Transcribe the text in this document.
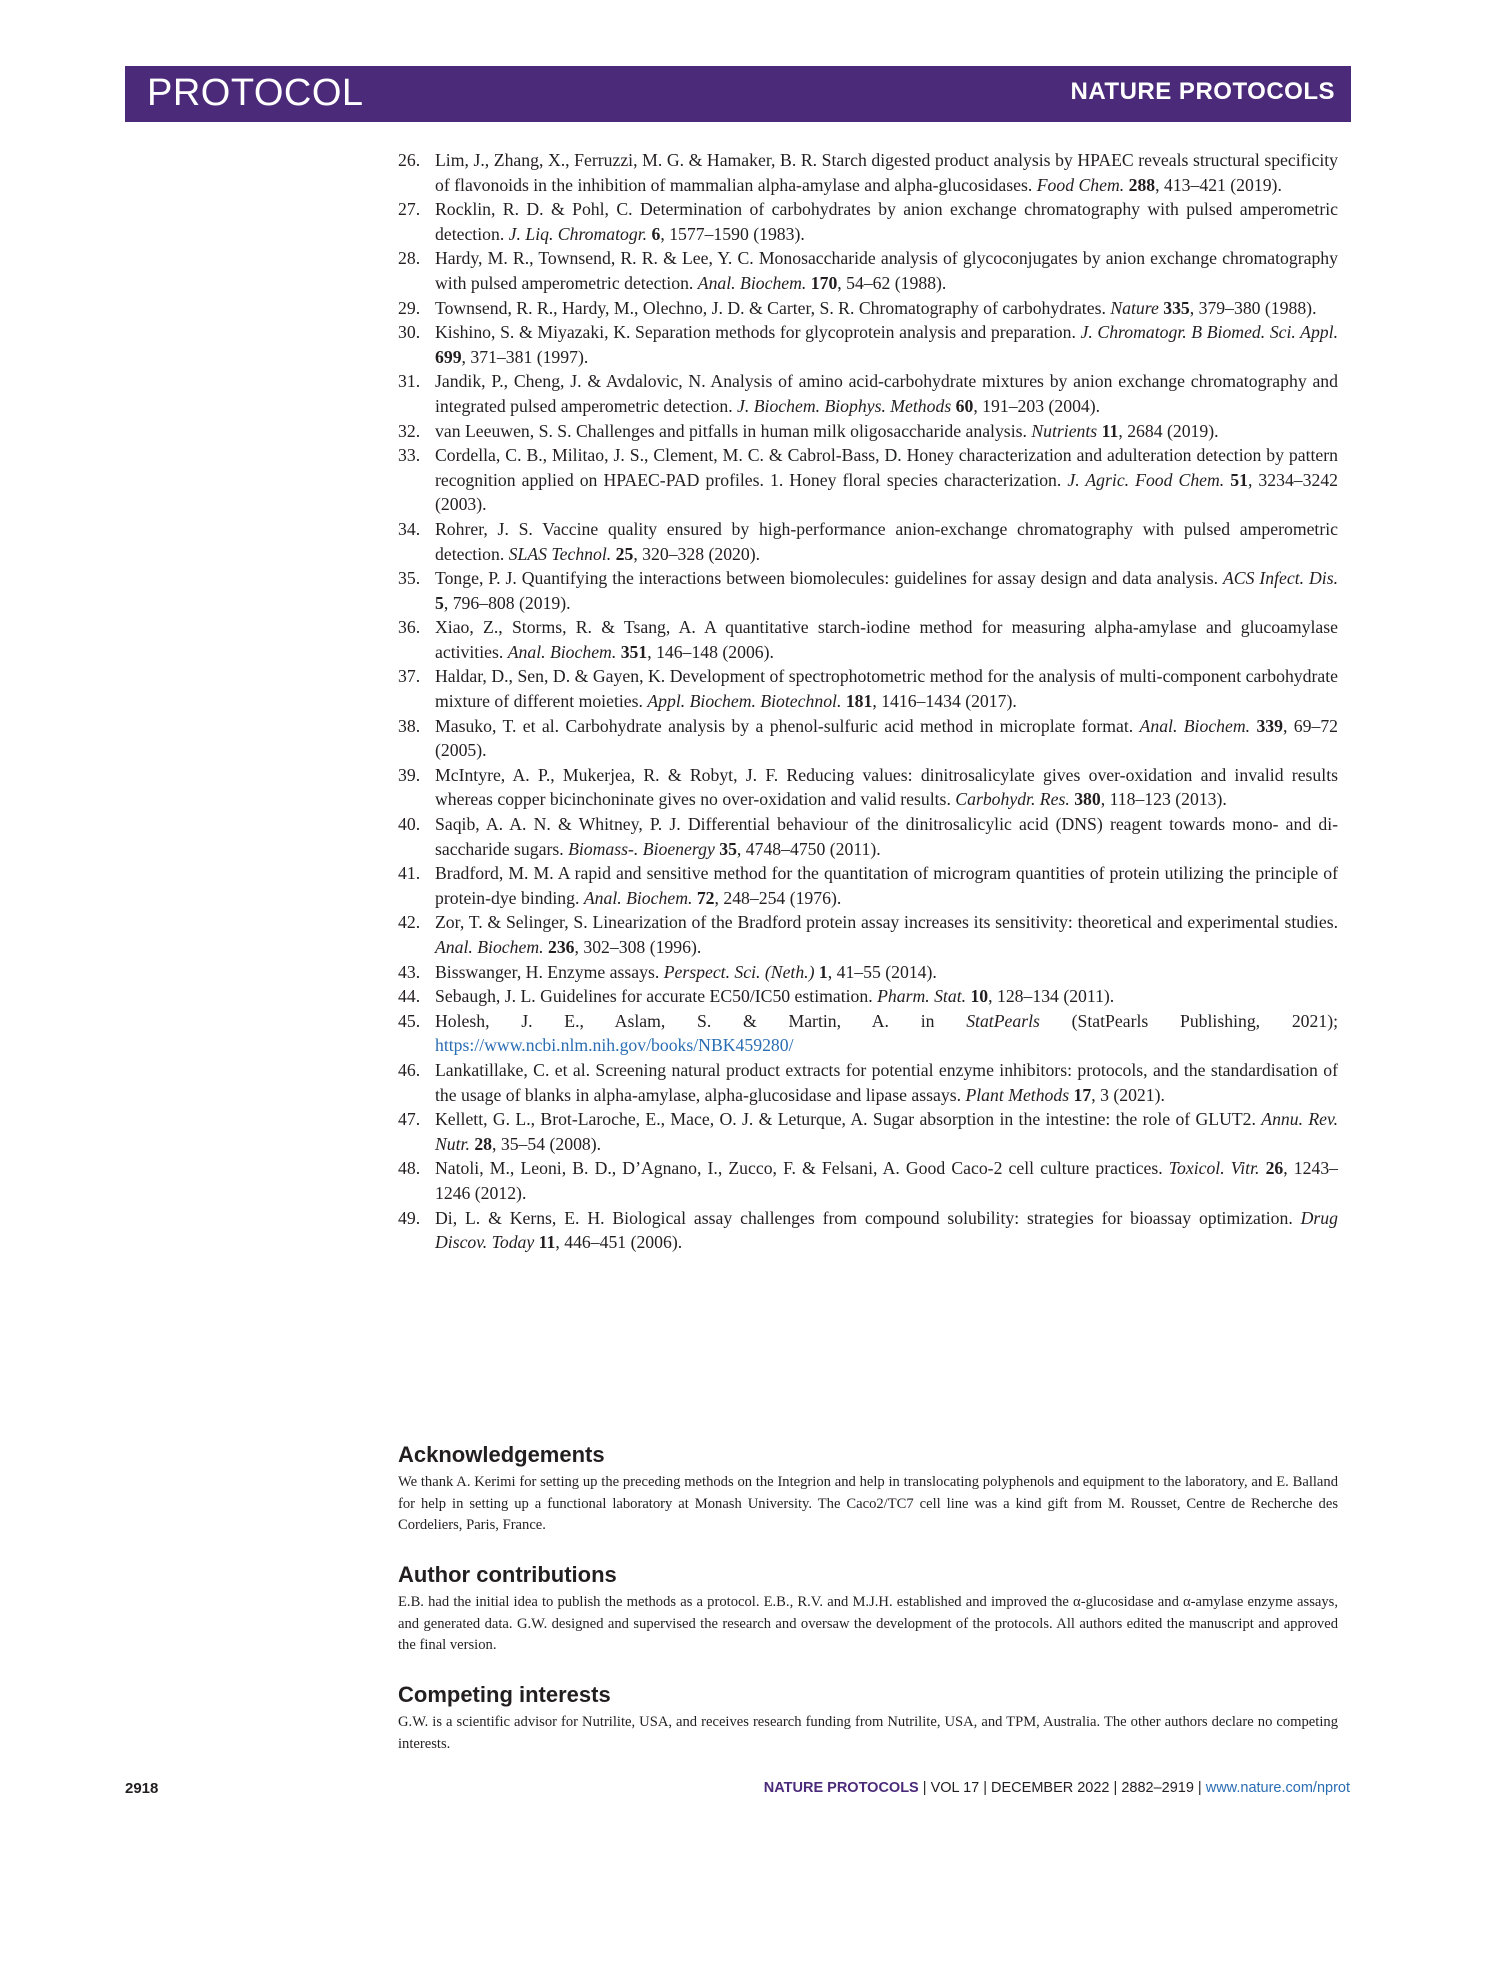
PROTOCOL	NATURE PROTOCOLS
26. Lim, J., Zhang, X., Ferruzzi, M. G. & Hamaker, B. R. Starch digested product analysis by HPAEC reveals structural specificity of flavonoids in the inhibition of mammalian alpha-amylase and alpha-glucosidases. Food Chem. 288, 413–421 (2019).
27. Rocklin, R. D. & Pohl, C. Determination of carbohydrates by anion exchange chromatography with pulsed amperometric detection. J. Liq. Chromatogr. 6, 1577–1590 (1983).
28. Hardy, M. R., Townsend, R. R. & Lee, Y. C. Monosaccharide analysis of glycoconjugates by anion exchange chromatography with pulsed amperometric detection. Anal. Biochem. 170, 54–62 (1988).
29. Townsend, R. R., Hardy, M., Olechno, J. D. & Carter, S. R. Chromatography of carbohydrates. Nature 335, 379–380 (1988).
30. Kishino, S. & Miyazaki, K. Separation methods for glycoprotein analysis and preparation. J. Chromatogr. B Biomed. Sci. Appl. 699, 371–381 (1997).
31. Jandik, P., Cheng, J. & Avdalovic, N. Analysis of amino acid-carbohydrate mixtures by anion exchange chromatography and integrated pulsed amperometric detection. J. Biochem. Biophys. Methods 60, 191–203 (2004).
32. van Leeuwen, S. S. Challenges and pitfalls in human milk oligosaccharide analysis. Nutrients 11, 2684 (2019).
33. Cordella, C. B., Militao, J. S., Clement, M. C. & Cabrol-Bass, D. Honey characterization and adulteration detection by pattern recognition applied on HPAEC-PAD profiles. 1. Honey floral species characterization. J. Agric. Food Chem. 51, 3234–3242 (2003).
34. Rohrer, J. S. Vaccine quality ensured by high-performance anion-exchange chromatography with pulsed amperometric detection. SLAS Technol. 25, 320–328 (2020).
35. Tonge, P. J. Quantifying the interactions between biomolecules: guidelines for assay design and data analysis. ACS Infect. Dis. 5, 796–808 (2019).
36. Xiao, Z., Storms, R. & Tsang, A. A quantitative starch-iodine method for measuring alpha-amylase and glucoamylase activities. Anal. Biochem. 351, 146–148 (2006).
37. Haldar, D., Sen, D. & Gayen, K. Development of spectrophotometric method for the analysis of multi-component carbohydrate mixture of different moieties. Appl. Biochem. Biotechnol. 181, 1416–1434 (2017).
38. Masuko, T. et al. Carbohydrate analysis by a phenol-sulfuric acid method in microplate format. Anal. Biochem. 339, 69–72 (2005).
39. McIntyre, A. P., Mukerjea, R. & Robyt, J. F. Reducing values: dinitrosalicylate gives over-oxidation and invalid results whereas copper bicinchoninate gives no over-oxidation and valid results. Carbohydr. Res. 380, 118–123 (2013).
40. Saqib, A. A. N. & Whitney, P. J. Differential behaviour of the dinitrosalicylic acid (DNS) reagent towards mono- and di-saccharide sugars. Biomass-. Bioenergy 35, 4748–4750 (2011).
41. Bradford, M. M. A rapid and sensitive method for the quantitation of microgram quantities of protein utilizing the principle of protein-dye binding. Anal. Biochem. 72, 248–254 (1976).
42. Zor, T. & Selinger, S. Linearization of the Bradford protein assay increases its sensitivity: theoretical and experimental studies. Anal. Biochem. 236, 302–308 (1996).
43. Bisswanger, H. Enzyme assays. Perspect. Sci. (Neth.) 1, 41–55 (2014).
44. Sebaugh, J. L. Guidelines for accurate EC50/IC50 estimation. Pharm. Stat. 10, 128–134 (2011).
45. Holesh, J. E., Aslam, S. & Martin, A. in StatPearls (StatPearls Publishing, 2021); https://www.ncbi.nlm.nih.gov/books/NBK459280/
46. Lankatillake, C. et al. Screening natural product extracts for potential enzyme inhibitors: protocols, and the standardisation of the usage of blanks in alpha-amylase, alpha-glucosidase and lipase assays. Plant Methods 17, 3 (2021).
47. Kellett, G. L., Brot-Laroche, E., Mace, O. J. & Leturque, A. Sugar absorption in the intestine: the role of GLUT2. Annu. Rev. Nutr. 28, 35–54 (2008).
48. Natoli, M., Leoni, B. D., D’Agnano, I., Zucco, F. & Felsani, A. Good Caco-2 cell culture practices. Toxicol. Vitr. 26, 1243–1246 (2012).
49. Di, L. & Kerns, E. H. Biological assay challenges from compound solubility: strategies for bioassay optimization. Drug Discov. Today 11, 446–451 (2006).
Acknowledgements

We thank A. Kerimi for setting up the preceding methods on the Integrion and help in translocating polyphenols and equipment to the laboratory, and E. Balland for help in setting up a functional laboratory at Monash University. The Caco2/TC7 cell line was a kind gift from M. Rousset, Centre de Recherche des Cordeliers, Paris, France.

Author contributions

E.B. had the initial idea to publish the methods as a protocol. E.B., R.V. and M.J.H. established and improved the α-glucosidase and α-amylase enzyme assays, and generated data. G.W. designed and supervised the research and oversaw the development of the protocols. All authors edited the manuscript and approved the final version.

Competing interests

G.W. is a scientific advisor for Nutrilite, USA, and receives research funding from Nutrilite, USA, and TPM, Australia. The other authors declare no competing interests.

2918	NATURE PROTOCOLS | VOL 17 | DECEMBER 2022 | 2882–2919 | www.nature.com/nprot
